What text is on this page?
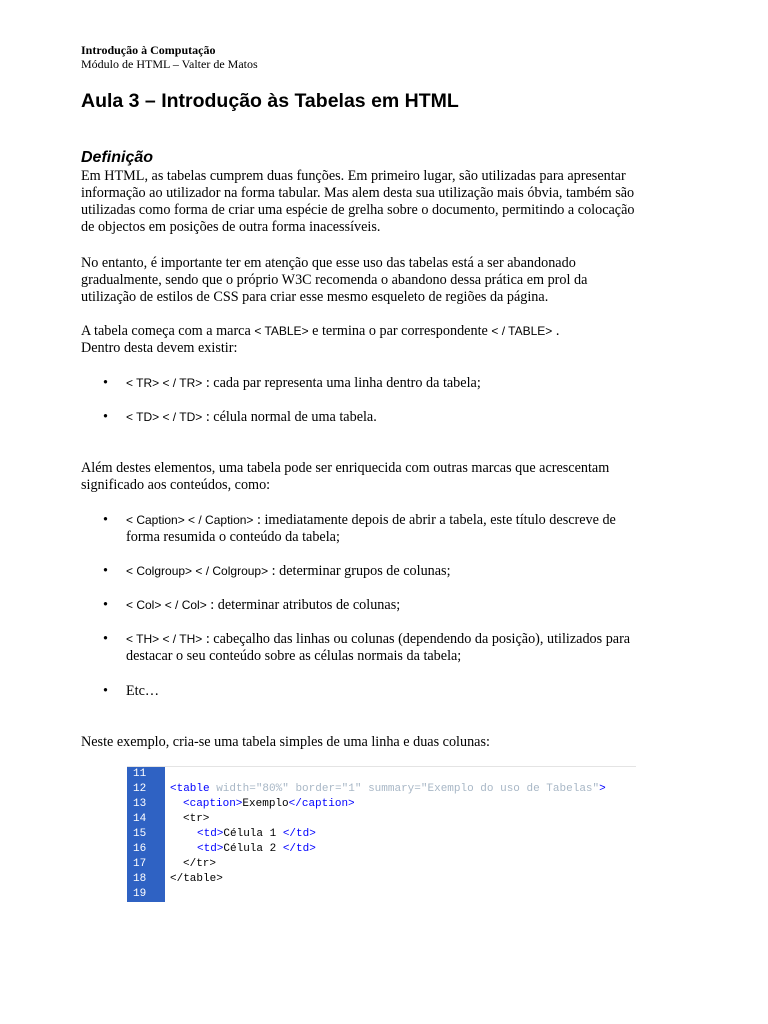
Introdução à Computação
Módulo de HTML – Valter de Matos
Aula 3 – Introdução às Tabelas em HTML
Definição
Em HTML, as tabelas cumprem duas funções. Em primeiro lugar, são utilizadas para apresentar
informação ao utilizador na forma tabular. Mas alem desta sua utilização mais óbvia, também são
utilizadas como forma de criar uma espécie de grelha sobre o documento, permitindo a colocação
de objectos em posições de outra forma inacessíveis.
No entanto, é importante ter em atenção que esse uso das tabelas está a ser abandonado
gradualmente, sendo que o próprio W3C recomenda o abandono dessa prática em prol da
utilização de estilos de CSS para criar esse mesmo esqueleto de regiões da página.
A tabela começa com a marca < TABLE> e termina o par correspondente < / TABLE> .
Dentro desta devem existir:
•	< TR> < / TR> : cada par representa uma linha dentro da tabela;
•	< TD> < / TD> : célula normal de uma tabela.
Além destes elementos, uma tabela pode ser enriquecida com outras marcas que acrescentam
significado aos conteúdos, como:
•	< Caption> < / Caption> : imediatamente depois de abrir a tabela, este título descreve de
forma resumida o conteúdo da tabela;
•	< Colgroup> < / Colgroup> : determinar grupos de colunas;
•	< Col> < / Col> : determinar atributos de colunas;
•	< TH> < / TH> : cabeçalho das linhas ou colunas (dependendo da posição), utilizados para
destacar o seu conteúdo sobre as células normais da tabela;
•	Etc…
Neste exemplo, cria-se uma tabela simples de uma linha e duas colunas:
11
12 <table width="80%" border="1" summary="Exemplo do uso de Tabelas">
13	<caption>Exemplo</caption>
14	<tr>
15	<td>Célula 1 </td>
16	<td>Célula 2 </td>
17	</tr>
18 </table>
19
